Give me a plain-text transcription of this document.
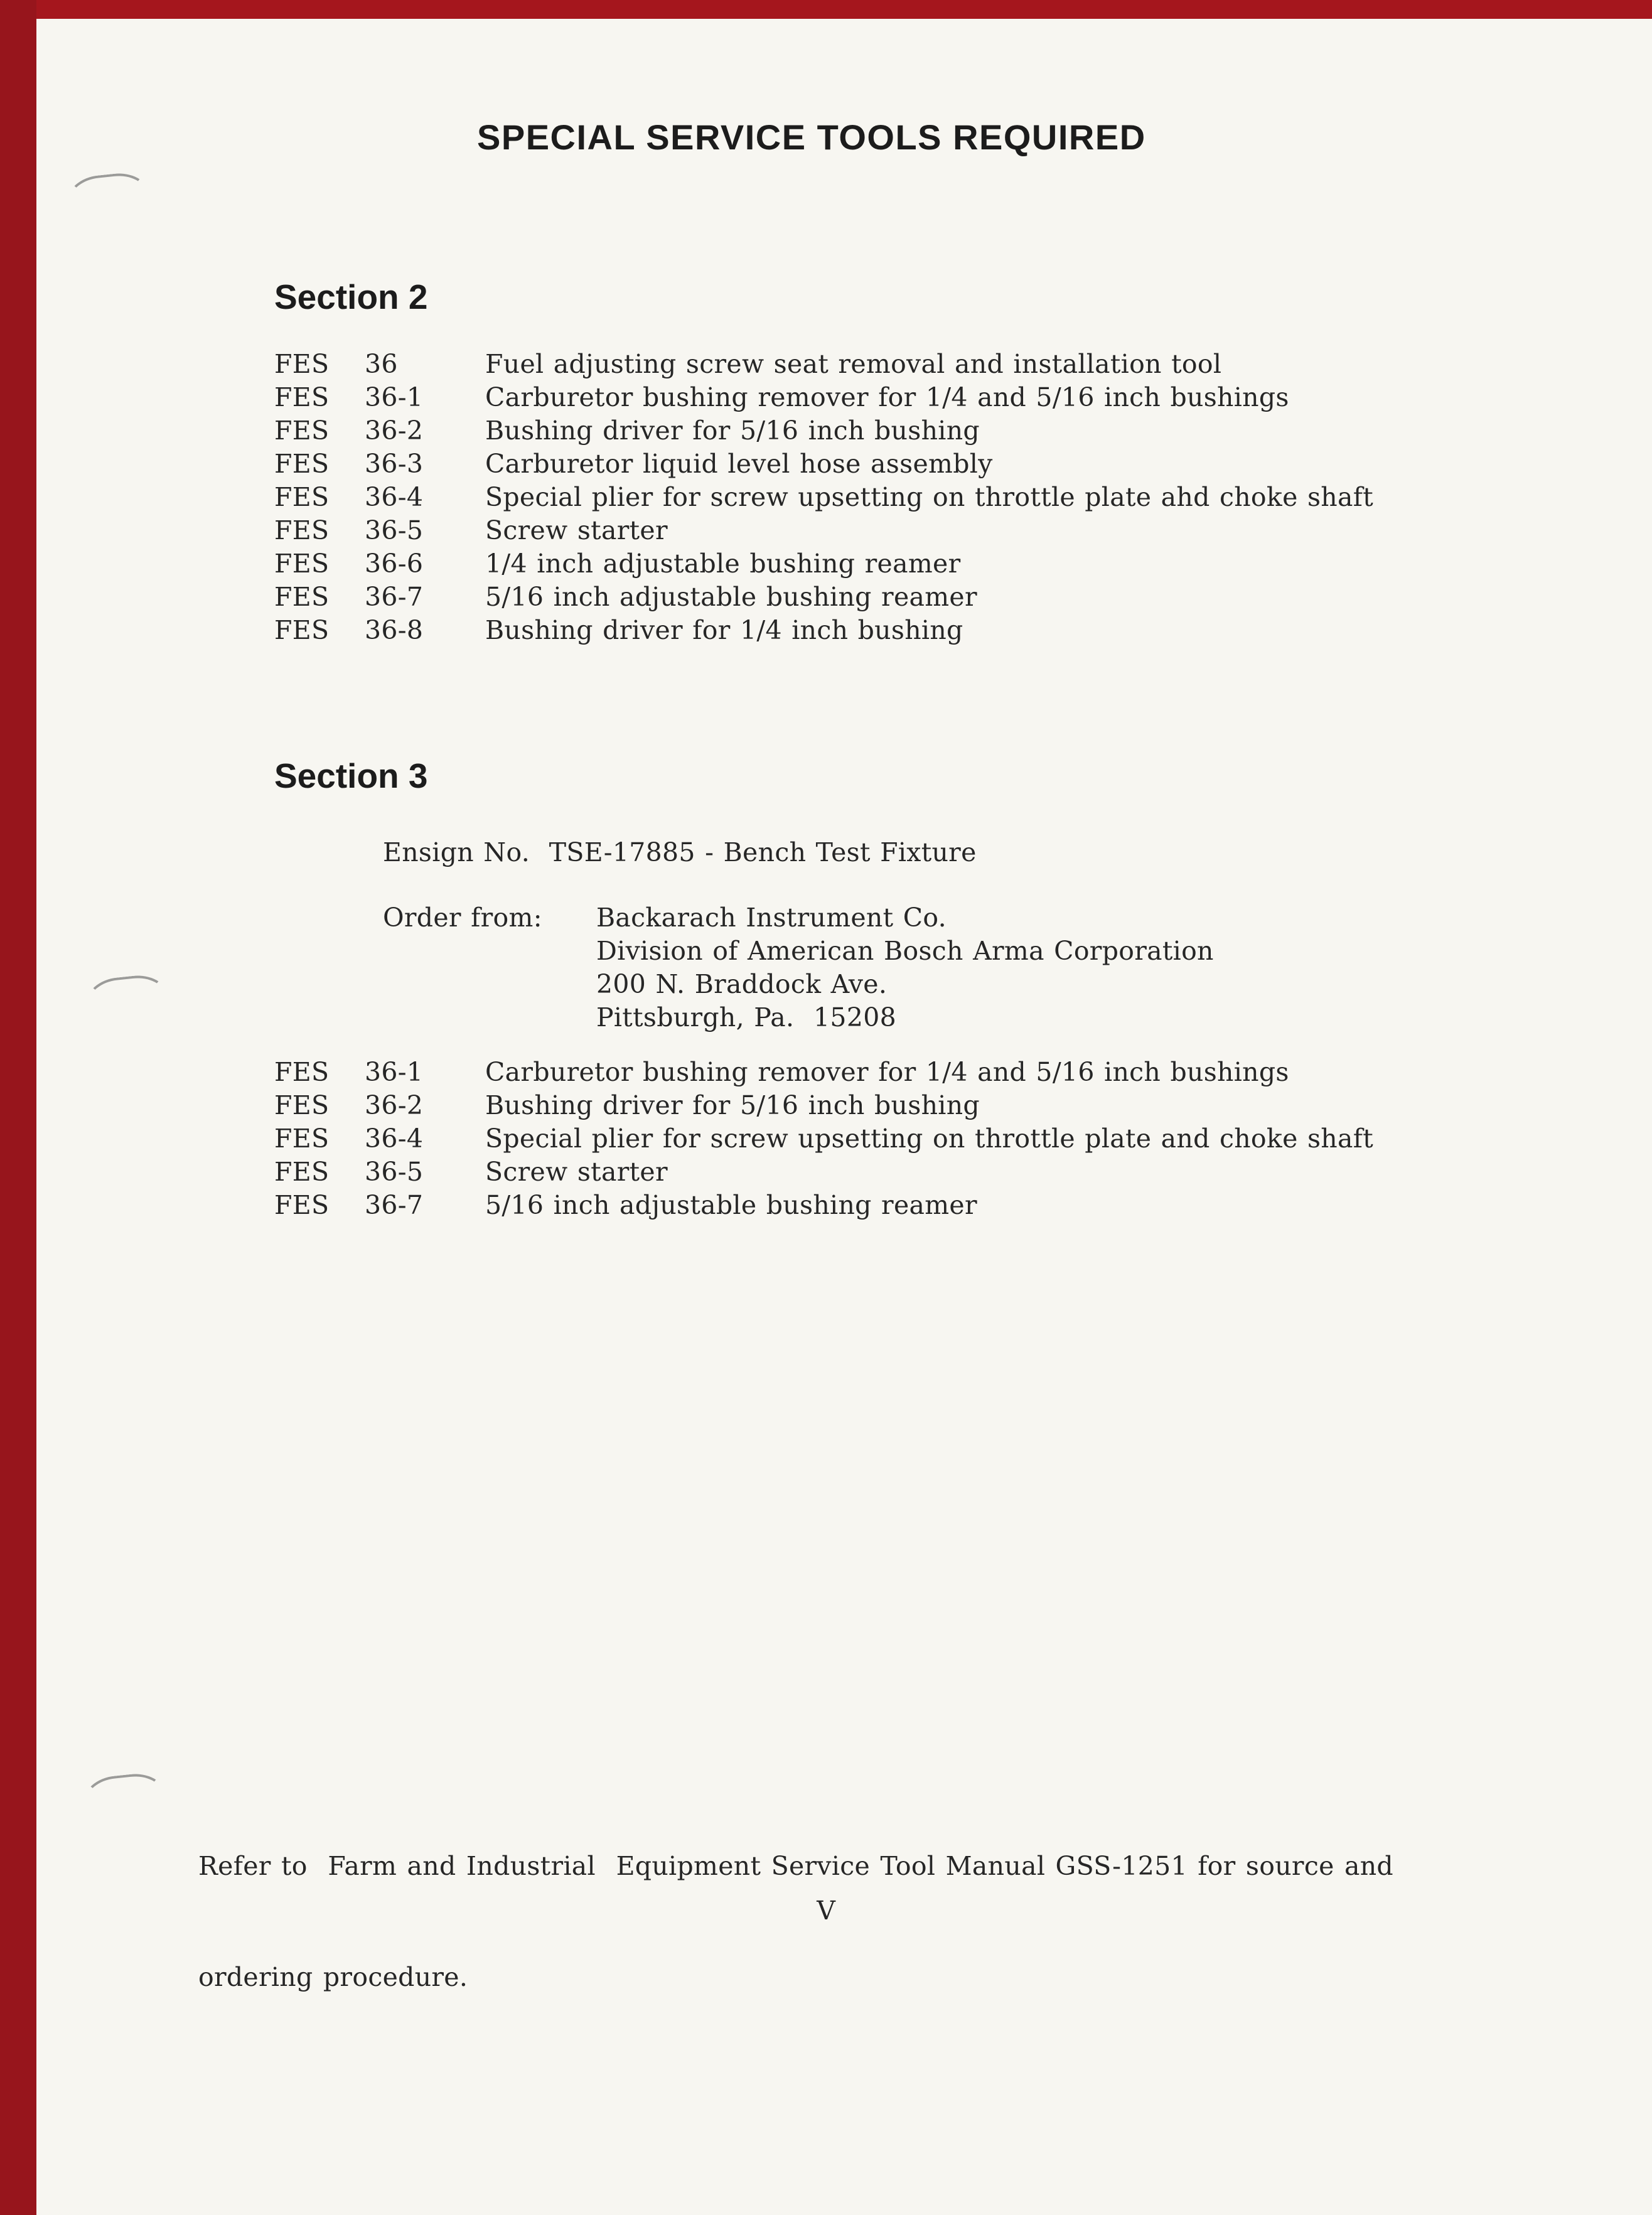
SPECIAL SERVICE TOOLS REQUIRED
Section 2
FES	36	Fuel adjusting screw seat removal and installation tool
FES	36-1	Carburetor bushing remover for 1/4 and 5/16 inch bushings
FES	36-2	Bushing driver for 5/16 inch bushing
FES	36-3	Carburetor liquid level hose assembly
FES	36-4	Special plier for screw upsetting on throttle plate ahd choke shaft
FES	36-5	Screw starter
FES	36-6	1/4 inch adjustable bushing reamer
FES	36-7	5/16 inch adjustable bushing reamer
FES	36-8	Bushing driver for 1/4 inch bushing
Section 3
Ensign No.  TSE-17885 - Bench Test Fixture
Order from:	Backarach Instrument Co.
Division of American Bosch Arma Corporation
200 N. Braddock Ave.
Pittsburgh, Pa.  15208
FES	36-1	Carburetor bushing remover for 1/4 and 5/16 inch bushings
FES	36-2	Bushing driver for 5/16 inch bushing
FES	36-4	Special plier for screw upsetting on throttle plate and choke shaft
FES	36-5	Screw starter
FES	36-7	5/16 inch adjustable bushing reamer

Refer to  Farm and Industrial  Equipment Service Tool Manual GSS-1251 for source and

ordering procedure.

V
